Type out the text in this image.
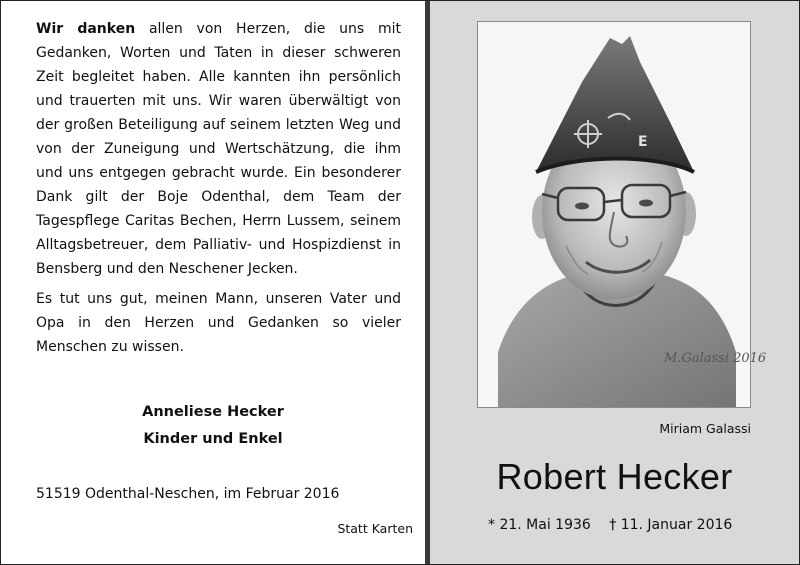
Wir danken allen von Herzen, die uns mit Gedanken, Worten und Taten in dieser schweren Zeit begleitet haben. Alle kannten ihn persönlich und trauerten mit uns. Wir waren überwältigt von der großen Beteiligung auf seinem letzten Weg und von der Zuneigung und Wertschätzung, die ihm und uns entgegen gebracht wurde. Ein besonderer Dank gilt der Boje Odenthal, dem Team der Tagespflege Caritas Bechen, Herrn Lussem, seinem Alltagsbetreuer, dem Palliativ- und Hospizdienst in Bensberg und den Neschener Jecken.

Es tut uns gut, meinen Mann, unseren Vater und Opa in den Herzen und Gedanken so vieler Menschen zu wissen.

Anneliese Hecker
Kinder und Enkel
51519 Odenthal-Neschen, im Februar 2016
Statt Karten
E
M.Galassi 2016
Miriam Galassi
Robert Hecker
* 21. Mai 1936 † 11. Januar 2016
